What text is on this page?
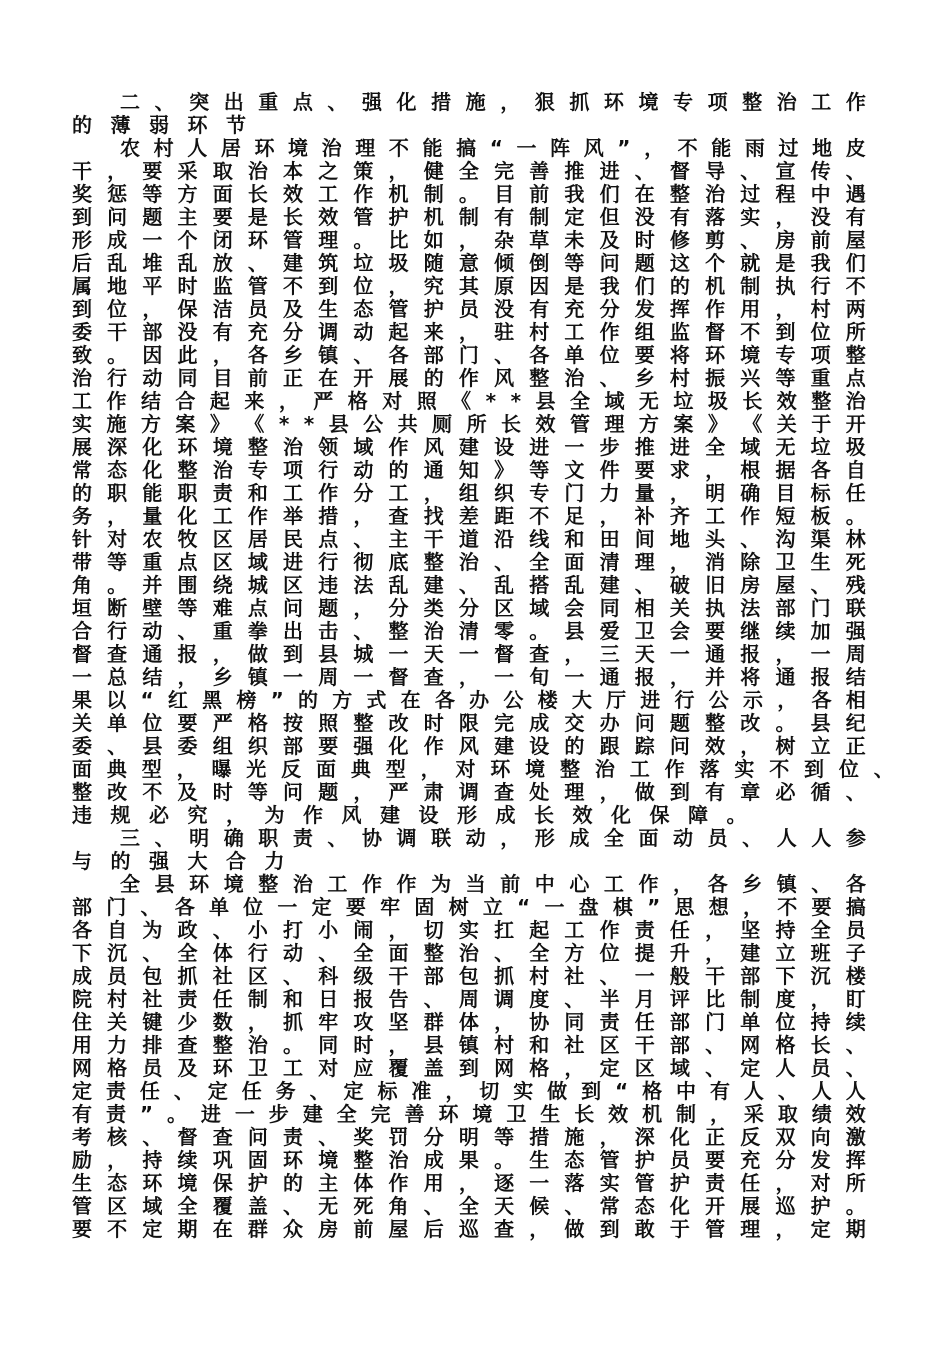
二 、 突 出 重 点 、 强 化 措 施 ， 狠 抓 环 境 专 项 整 治 工 作
的 薄 弱 环 节
农 村 人 居 环 境 治 理 不 能 搞 “ 一 阵 风 ” ， 不 能 雨 过 地 皮
干 ， 要 采 取 治 本 之 策 ， 健 全 完 善 推 进 、 督 导 、 宣 传 、
奖 惩 等 方 面 长 效 工 作 机 制 。 目 前 我 们 在 整 治 过 程 中 遇
到 问 题 主 要 是 长 效 管 护 机 制 有 制 定 但 没 有 落 实 ， 没 有
形 成 一 个 闭 环 管 理 。 比 如 ， 杂 草 未 及 时 修 剪 、 房 前 屋
后 乱 堆 乱 放 、 建 筑 垃 圾 随 意 倾 倒 等 问 题 这 个 就 是 我 们
属 地 平 时 监 管 不 到 位 ， 究 其 原 因 是 我 们 的 机 制 执 行 不
到 位 ， 保 洁 员 及 生 态 管 护 员 没 有 充 分 发 挥 作 用 ， 村 两
委 干 部 没 有 充 分 调 动 起 来 ， 驻 村 工 作 组 监 督 不 到 位 所
致 。 因 此 ， 各 乡 镇 、 各 部 门 、 各 单 位 要 将 环 境 专 项 整
治 行 动 同 目 前 正 在 开 展 的 作 风 整 治 、 乡 村 振 兴 等 重 点
工 作 结 合 起 来 ， 严 格 对 照 《 * * 县 全 域 无 垃 圾 长 效 整 治
实 施 方 案 》 《 * * 县 公 共 厕 所 长 效 管 理 方 案 》 《 关 于 开
展 深 化 环 境 整 治 领 域 作 风 建 设 进 一 步 推 进 全 域 无 垃 圾
常 态 化 整 治 专 项 行 动 的 通 知 》 等 文 件 要 求 ， 根 据 各 自
的 职 能 职 责 和 工 作 分 工 ， 组 织 专 门 力 量 ， 明 确 目 标 任
务 ， 量 化 工 作 举 措 ， 查 找 差 距 不 足 ， 补 齐 工 作 短 板 。
针 对 农 牧 区 居 民 点 、 主 干 道 沿 线 和 田 间 地 头 、 沟 渠 林
带 等 重 点 区 域 进 行 彻 底 整 治 、 全 面 清 理 ， 消 除 卫 生 死
角 。 并 围 绕 城 区 违 法 乱 建 、 乱 搭 乱 建 、 破 旧 房 屋 、 残
垣 断 壁 等 难 点 问 题 ， 分 类 分 区 域 会 同 相 关 执 法 部 门 联
合 行 动 、 重 拳 出 击 、 整 治 清 零 。 县 爱 卫 会 要 继 续 加 强
督 查 通 报 ， 做 到 县 城 一 天 一 督 查 ， 三 天 一 通 报 ， 一 周
一 总 结 ， 乡 镇 一 周 一 督 查 ， 一 旬 一 通 报 ， 并 将 通 报 结
果 以 “ 红 黑 榜 ” 的 方 式 在 各 办 公 楼 大 厅 进 行 公 示 ， 各 相
关 单 位 要 严 格 按 照 整 改 时 限 完 成 交 办 问 题 整 改 。 县 纪
委 、 县 委 组 织 部 要 强 化 作 风 建 设 的 跟 踪 问 效 ， 树 立 正
面 典 型 ， 曝 光 反 面 典 型 ， 对 环 境 整 治 工 作 落 实 不 到 位 、
整 改 不 及 时 等 问 题 ， 严 肃 调 查 处 理 ， 做 到 有 章 必 循 、
违 规 必 究 ， 为 作 风 建 设 形 成 长 效 化 保 障 。
三 、 明 确 职 责 、 协 调 联 动 ， 形 成 全 面 动 员 、 人 人 参
与 的 强 大 合 力
全 县 环 境 整 治 工 作 作 为 当 前 中 心 工 作 ， 各 乡 镇 、 各
部 门 、 各 单 位 一 定 要 牢 固 树 立 “ 一 盘 棋 ” 思 想 ， 不 要 搞
各 自 为 政 、 小 打 小 闹 ， 切 实 扛 起 工 作 责 任 ， 坚 持 全 员
下 沉 、 全 体 行 动 、 全 面 整 治 、 全 方 位 提 升 ， 建 立 班 子
成 员 包 抓 社 区 、 科 级 干 部 包 抓 村 社 、 一 般 干 部 下 沉 楼
院 村 社 责 任 制 和 日 报 告 、 周 调 度 、 半 月 评 比 制 度 ， 盯
住 关 键 少 数 ， 抓 牢 攻 坚 群 体 ， 协 同 责 任 部 门 单 位 持 续
用 力 排 查 整 治 。 同 时 ， 县 镇 村 和 社 区 干 部 、 网 格 长 、
网 格 员 及 环 卫 工 对 应 覆 盖 到 网 格 ， 定 区 域 、 定 人 员 、
定 责 任 、 定 任 务 、 定 标 准 ， 切 实 做 到 “ 格 中 有 人 、 人 人
有 责 ” 。 进 一 步 建 全 完 善 环 境 卫 生 长 效 机 制 ， 采 取 绩 效
考 核 、 督 查 问 责 、 奖 罚 分 明 等 措 施 ， 深 化 正 反 双 向 激
励 ， 持 续 巩 固 环 境 整 治 成 果 。 生 态 管 护 员 要 充 分 发 挥
生 态 环 境 保 护 的 主 体 作 用 ， 逐 一 落 实 管 护 责 任 ， 对 所
管 区 域 全 覆 盖 、 无 死 角 、 全 天 候 、 常 态 化 开 展 巡 护 。
要 不 定 期 在 群 众 房 前 屋 后 巡 查 ， 做 到 敢 于 管 理 ， 定 期
